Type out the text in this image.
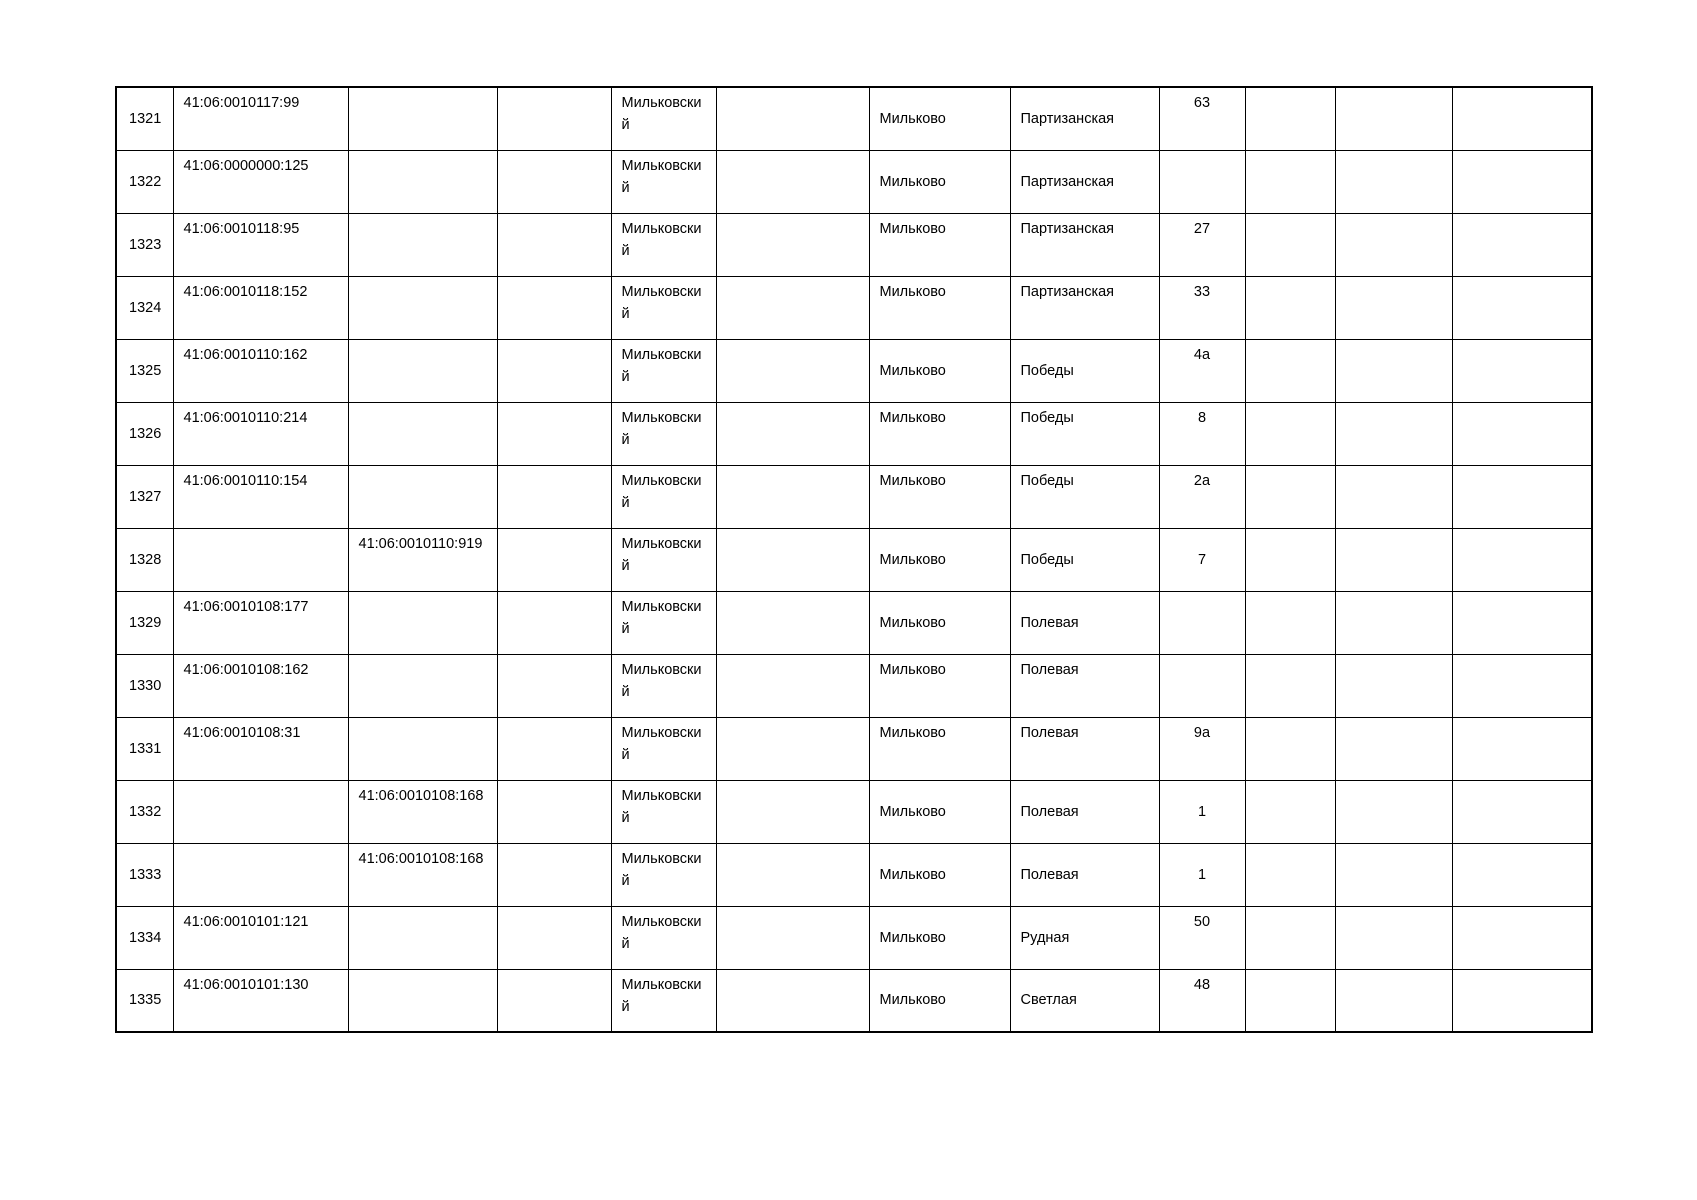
1321	41:06:0010117:99			Мильковский		Мильково	Партизанская	63			
1322	41:06:0000000:125			Мильковский		Мильково	Партизанская				
1323	41:06:0010118:95			Мильковский		Мильково	Партизанская	27			
1324	41:06:0010118:152			Мильковский		Мильково	Партизанская	33			
1325	41:06:0010110:162			Мильковский		Мильково	Победы	4а			
1326	41:06:0010110:214			Мильковский		Мильково	Победы	8			
1327	41:06:0010110:154			Мильковский		Мильково	Победы	2а			
1328		41:06:0010110:919		Мильковский		Мильково	Победы	7			
1329	41:06:0010108:177			Мильковский		Мильково	Полевая				
1330	41:06:0010108:162			Мильковский		Мильково	Полевая				
1331	41:06:0010108:31			Мильковский		Мильково	Полевая	9а			
1332		41:06:0010108:168		Мильковский		Мильково	Полевая	1			
1333		41:06:0010108:168		Мильковский		Мильково	Полевая	1			
1334	41:06:0010101:121			Мильковский		Мильково	Рудная	50			
1335	41:06:0010101:130			Мильковский		Мильково	Светлая	48			
